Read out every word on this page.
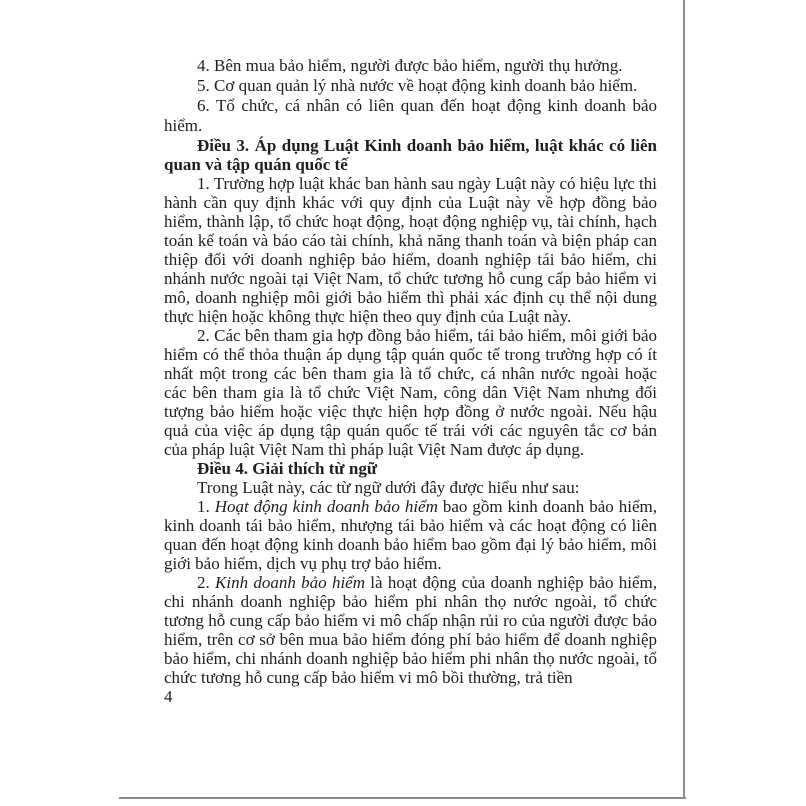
4. Bên mua bảo hiểm, người được bảo hiểm, người thụ hưởng.

5. Cơ quan quản lý nhà nước về hoạt động kinh doanh bảo hiểm.

6. Tổ chức, cá nhân có liên quan đến hoạt động kinh doanh bảo hiểm.

Điều 3. Áp dụng Luật Kinh doanh bảo hiểm, luật khác có liên quan và tập quán quốc tế

1. Trường hợp luật khác ban hành sau ngày Luật này có hiệu lực thi hành cần quy định khác với quy định của Luật này về hợp đồng bảo hiểm, thành lập, tổ chức hoạt động, hoạt động nghiệp vụ, tài chính, hạch toán kế toán và báo cáo tài chính, khả năng thanh toán và biện pháp can thiệp đối với doanh nghiệp bảo hiểm, doanh nghiệp tái bảo hiểm, chi nhánh nước ngoài tại Việt Nam, tổ chức tương hỗ cung cấp bảo hiểm vi mô, doanh nghiệp môi giới bảo hiểm thì phải xác định cụ thể nội dung thực hiện hoặc không thực hiện theo quy định của Luật này.

2. Các bên tham gia hợp đồng bảo hiểm, tái bảo hiểm, môi giới bảo hiểm có thể thỏa thuận áp dụng tập quán quốc tế trong trường hợp có ít nhất một trong các bên tham gia là tổ chức, cá nhân nước ngoài hoặc các bên tham gia là tổ chức Việt Nam, công dân Việt Nam nhưng đối tượng bảo hiểm hoặc việc thực hiện hợp đồng ở nước ngoài. Nếu hậu quả của việc áp dụng tập quán quốc tế trái với các nguyên tắc cơ bản của pháp luật Việt Nam thì pháp luật Việt Nam được áp dụng.

Điều 4. Giải thích từ ngữ

Trong Luật này, các từ ngữ dưới đây được hiểu như sau:

1. Hoạt động kinh doanh bảo hiểm bao gồm kinh doanh bảo hiểm, kinh doanh tái bảo hiểm, nhượng tái bảo hiểm và các hoạt động có liên quan đến hoạt động kinh doanh bảo hiểm bao gồm đại lý bảo hiểm, môi giới bảo hiểm, dịch vụ phụ trợ bảo hiểm.

2. Kinh doanh bảo hiểm là hoạt động của doanh nghiệp bảo hiểm, chi nhánh doanh nghiệp bảo hiểm phi nhân thọ nước ngoài, tổ chức tương hỗ cung cấp bảo hiểm vi mô chấp nhận rủi ro của người được bảo hiểm, trên cơ sở bên mua bảo hiểm đóng phí bảo hiểm để doanh nghiệp bảo hiểm, chi nhánh doanh nghiệp bảo hiểm phi nhân thọ nước ngoài, tổ chức tương hỗ cung cấp bảo hiểm vi mô bồi thường, trả tiền

4
